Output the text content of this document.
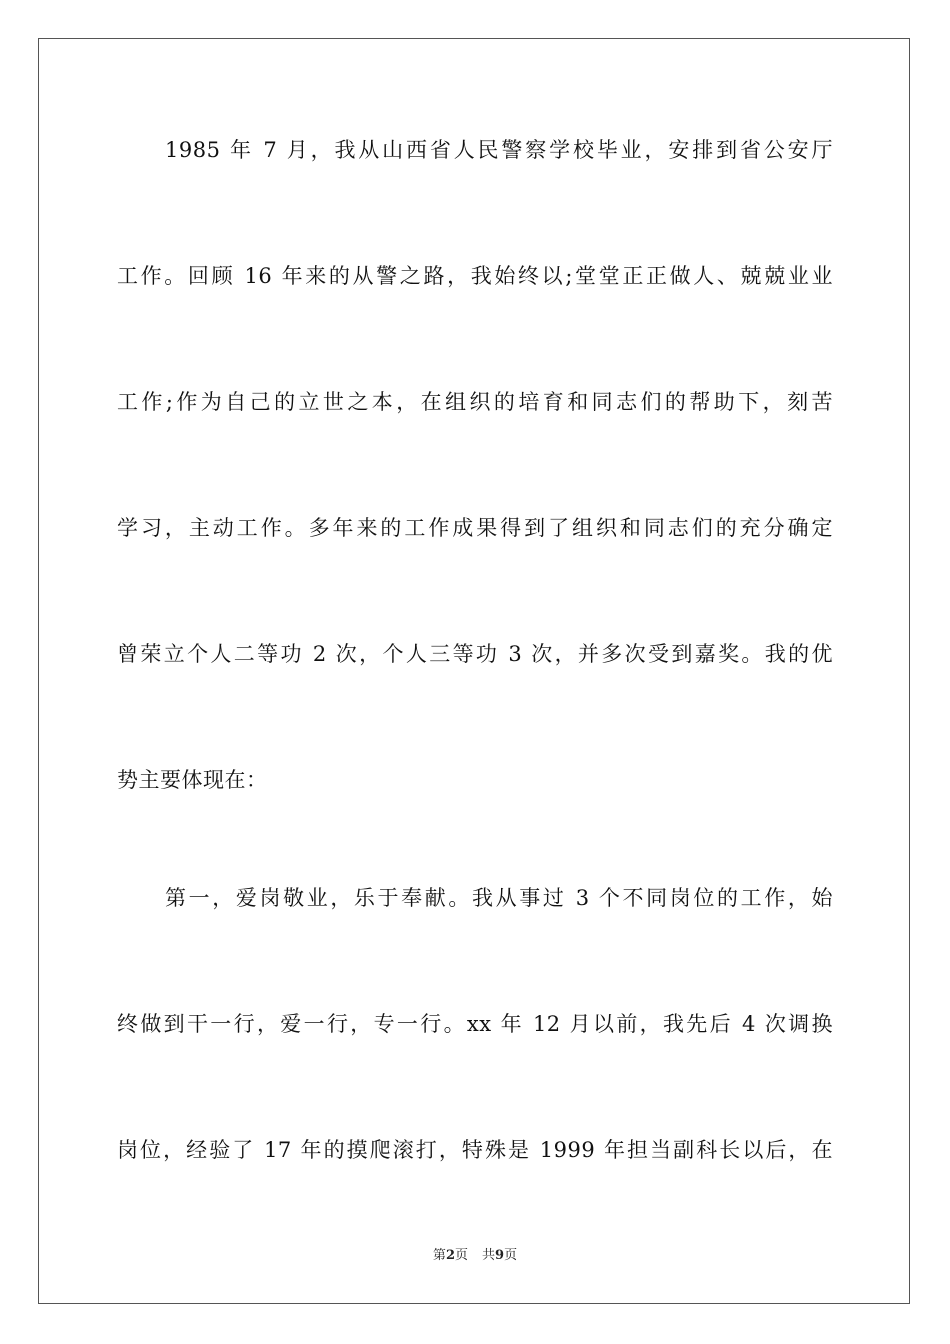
1985 年 7 月，我从山西省人民警察学校毕业，安排到省公安厅
工作。回顾 16 年来的从警之路，我始终以;堂堂正正做人、兢兢业业
工作;作为自己的立世之本，在组织的培育和同志们的帮助下，刻苦
学习，主动工作。多年来的工作成果得到了组织和同志们的充分确定
曾荣立个人二等功 2 次，个人三等功 3 次，并多次受到嘉奖。我的优
势主要体现在：
第一，爱岗敬业，乐于奉献。我从事过 3 个不同岗位的工作，始
终做到干一行，爱一行，专一行。xx 年 12 月以前，我先后 4 次调换
岗位，经验了 17 年的摸爬滚打，特殊是 1999 年担当副科长以后，在
第2页 共9页
